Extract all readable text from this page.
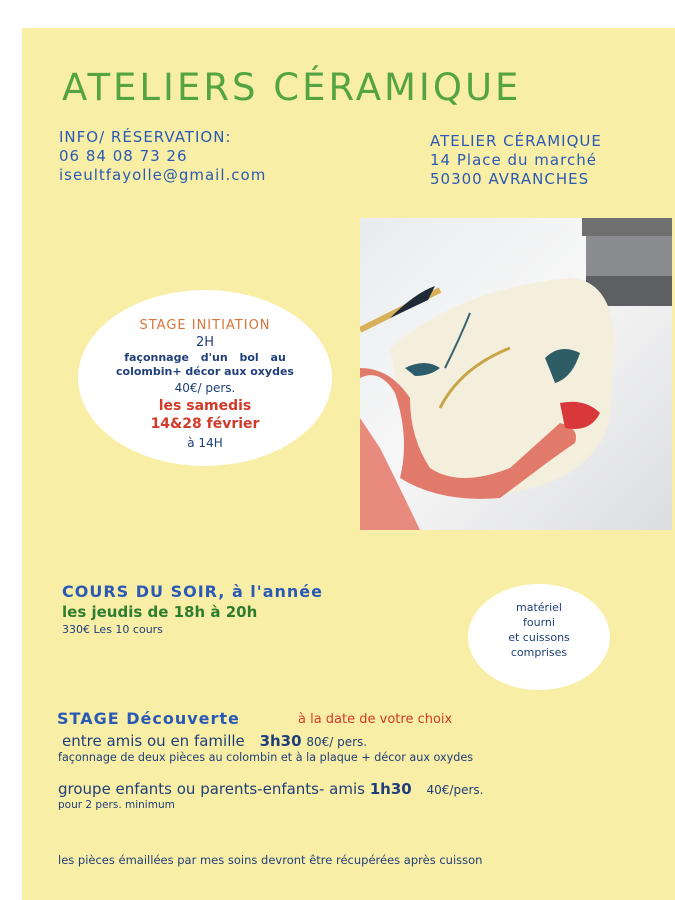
ATELIERS CÉRAMIQUE
INFO/ RÉSERVATION:
06 84 08 73 26
iseultfayolle@gmail.com
ATELIER CÉRAMIQUE
14 Place du marché
50300 AVRANCHES
STAGE INITIATION
2H
façonnage d'un bol au
colombin+ décor aux oxydes
40€/ pers.
les samedis
14&28 février
à 14H
COURS DU SOIR, à l'année
les jeudis de 18h à 20h
330€ Les 10 cours
matériel
fourni
et cuissons
comprises
STAGE Découverte	à la date de votre choix
entre amis ou en famille 3h30 80€/ pers.
façonnage de deux pièces au colombin et à la plaque + décor aux oxydes
groupe enfants ou parents-enfants- amis 1h30 40€/pers.
pour 2 pers. minimum
les pièces émaillées par mes soins devront être récupérées après cuisson
